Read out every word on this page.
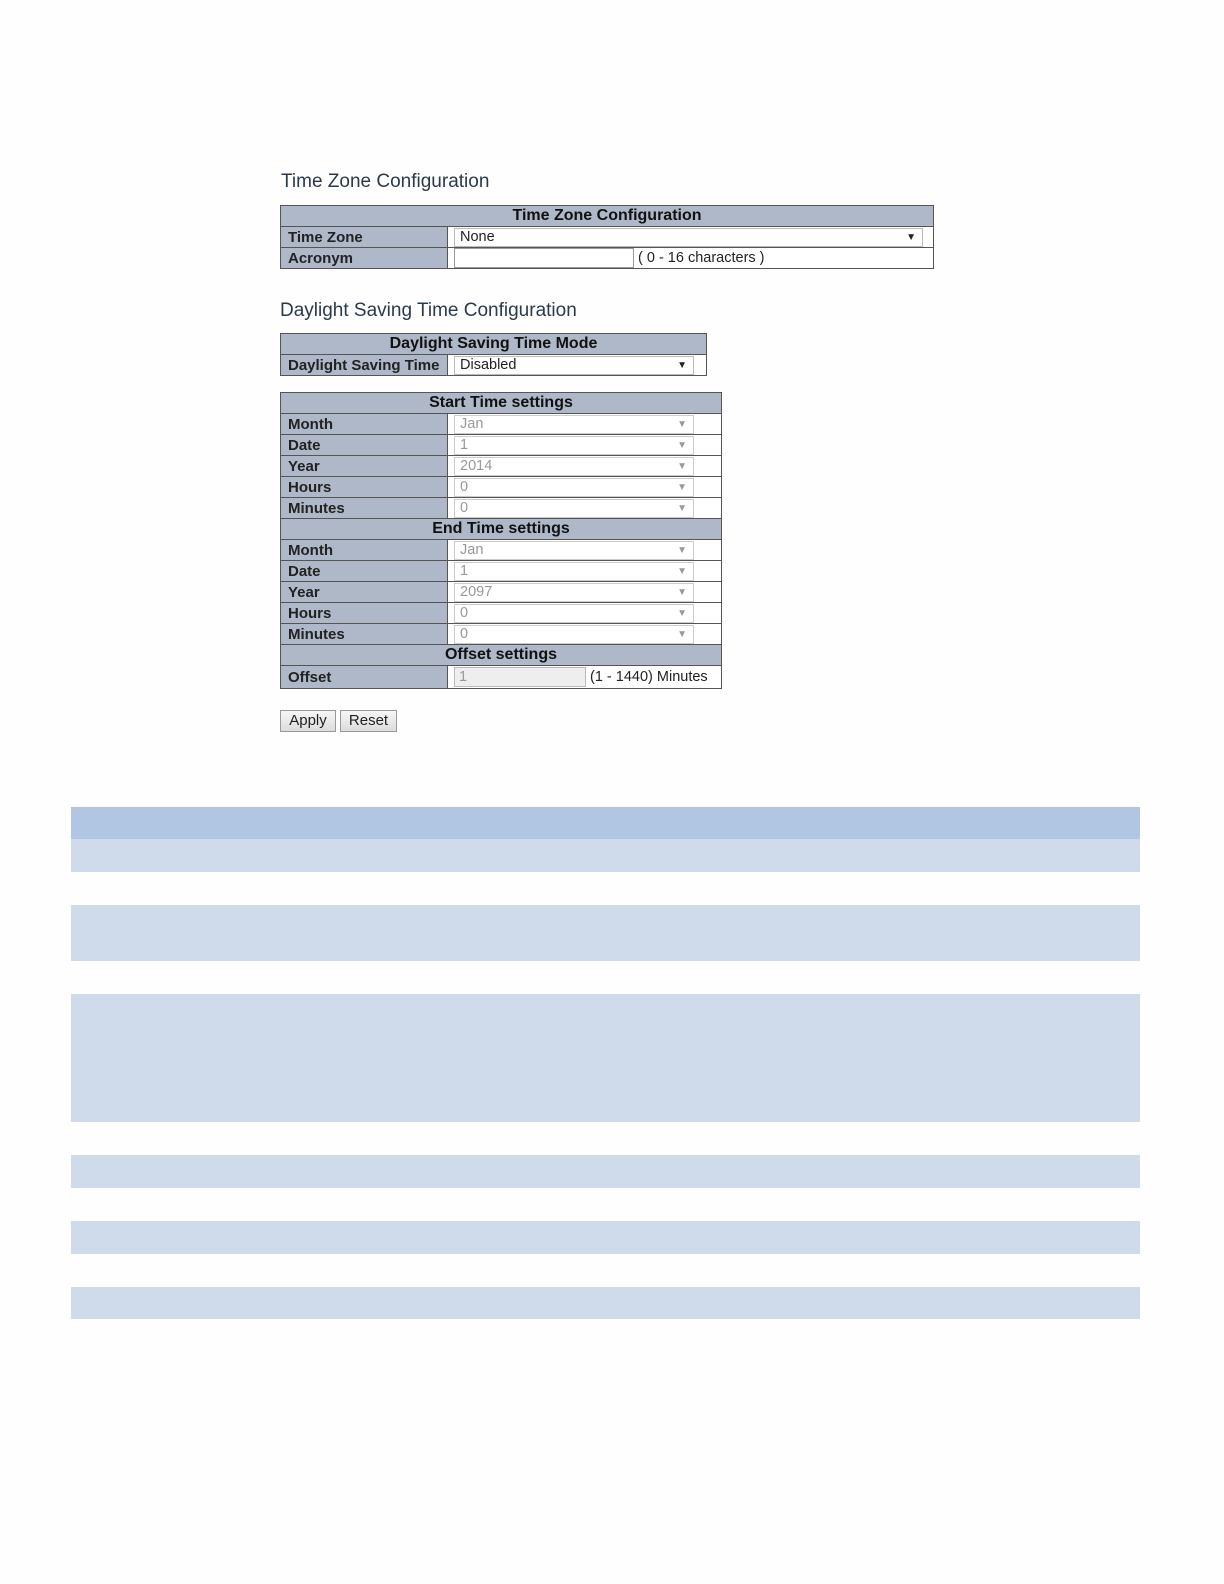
Time Zone Configuration
Time Zone Configuration	
Time Zone	None ▼

Acronym	( 0 - 16 characters )
Daylight Saving Time Configuration
Daylight Saving Time Mode
Daylight Saving Time	Disabled	▼
Start Time settings	
Month	Jan ▼

Date	1 ▼

Year	2014 ▼

Hours	0 ▼

Minutes	0 ▼

End Time settings	
Month	Jan ▼

Date	1 ▼

Year	2097 ▼

Hours	0 ▼

Minutes	0 ▼

Offset settings	
Offset	1 (1 - 1440) Minutes
Apply	Reset
